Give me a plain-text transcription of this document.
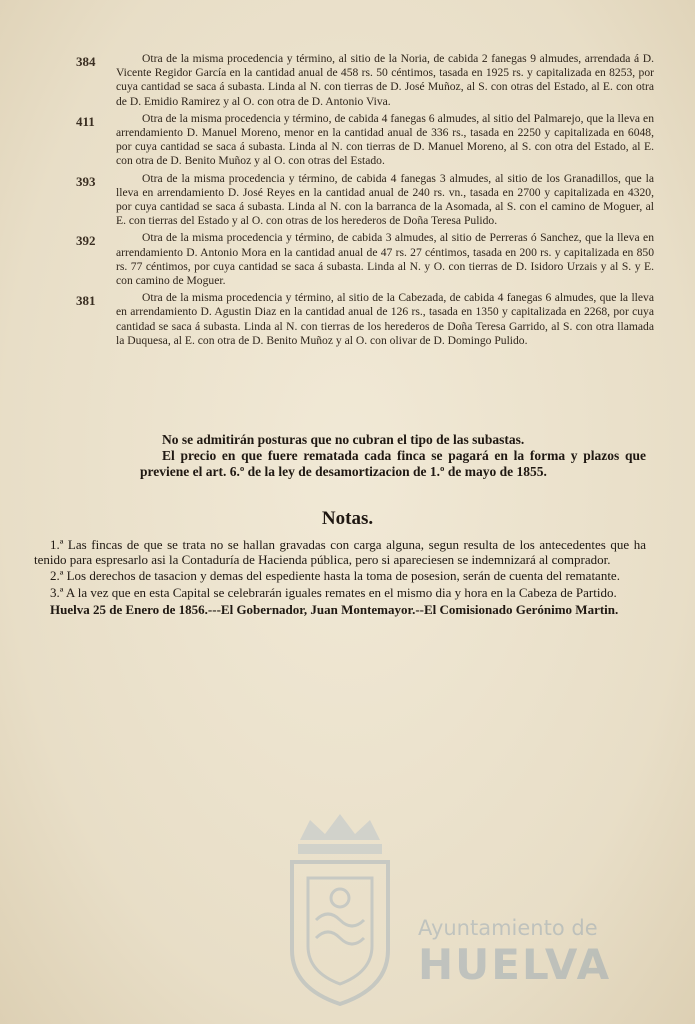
384	Otra de la misma procedencia y término, al sitio de la Noria, de cabida 2 fanegas 9 almudes, arrendada á D. Vicente Regidor García en la cantidad anual de 458 rs. 50 céntimos, tasada en 1925 rs. y capitalizada en 8253, por cuya cantidad se saca á subasta. Linda al N. con tierras de D. José Muñoz, al S. con otras del Estado, al E. con otra de D. Emidio Ramirez y al O. con otra de D. Antonio Viva.
411	Otra de la misma procedencia y término, de cabida 4 fanegas 6 almudes, al sitio del Palmarejo, que la lleva en arrendamiento D. Manuel Moreno, menor en la cantidad anual de 336 rs., tasada en 2250 y capitalizada en 6048, por cuya cantidad se saca á subasta. Linda al N. con tierras de D. Manuel Moreno, al S. con otra del Estado, al E. con otra de D. Benito Muñoz y al O. con otras del Estado.
393	Otra de la misma procedencia y término, de cabida 4 fanegas 3 almudes, al sitio de los Granadillos, que la lleva en arrendamiento D. José Reyes en la cantidad anual de 240 rs. vn., tasada en 2700 y capitalizada en 4320, por cuya cantidad se saca á subasta. Linda al N. con la barranca de la Asomada, al S. con el camino de Moguer, al E. con tierras del Estado y al O. con otras de los herederos de Doña Teresa Pulido.
392	Otra de la misma procedencia y término, de cabida 3 almudes, al sitio de Perreras ó Sanchez, que la lleva en arrendamiento D. Antonio Mora en la cantidad anual de 47 rs. 27 céntimos, tasada en 200 rs. y capitalizada en 850 rs. 77 céntimos, por cuya cantidad se saca á subasta. Linda al N. y O. con tierras de D. Isidoro Urzais y al S. y E. con camino de Moguer.
381	Otra de la misma procedencia y término, al sitio de la Cabezada, de cabida 4 fanegas 6 almudes, que la lleva en arrendamiento D. Agustin Diaz en la cantidad anual de 126 rs., tasada en 1350 y capitalizada en 2268, por cuya cantidad se saca á subasta. Linda al N. con tierras de los herederos de Doña Teresa Garrido, al S. con otra llamada la Duquesa, al E. con otra de D. Benito Muñoz y al O. con olivar de D. Domingo Pulido.

No se admitirán posturas que no cubran el tipo de las subastas.

El precio en que fuere rematada cada finca se pagará en la forma y plazos que previene el art. 6.º de la ley de desamortizacion de 1.º de mayo de 1855.

Notas.

1.ª Las fincas de que se trata no se hallan gravadas con carga alguna, segun resulta de los antecedentes que ha tenido para espresarlo asi la Contaduría de Hacienda pública, pero si apareciesen se indemnizará al comprador.

2.ª Los derechos de tasacion y demas del espediente hasta la toma de posesion, serán de cuenta del rematante.

3.ª A la vez que en esta Capital se celebrarán iguales remates en el mismo dia y hora en la Cabeza de Partido.

Huelva 25 de Enero de 1856.---El Gobernador, Juan Montemayor.--El Comisionado Gerónimo Martin.

Ayuntamiento de
HUELVA
